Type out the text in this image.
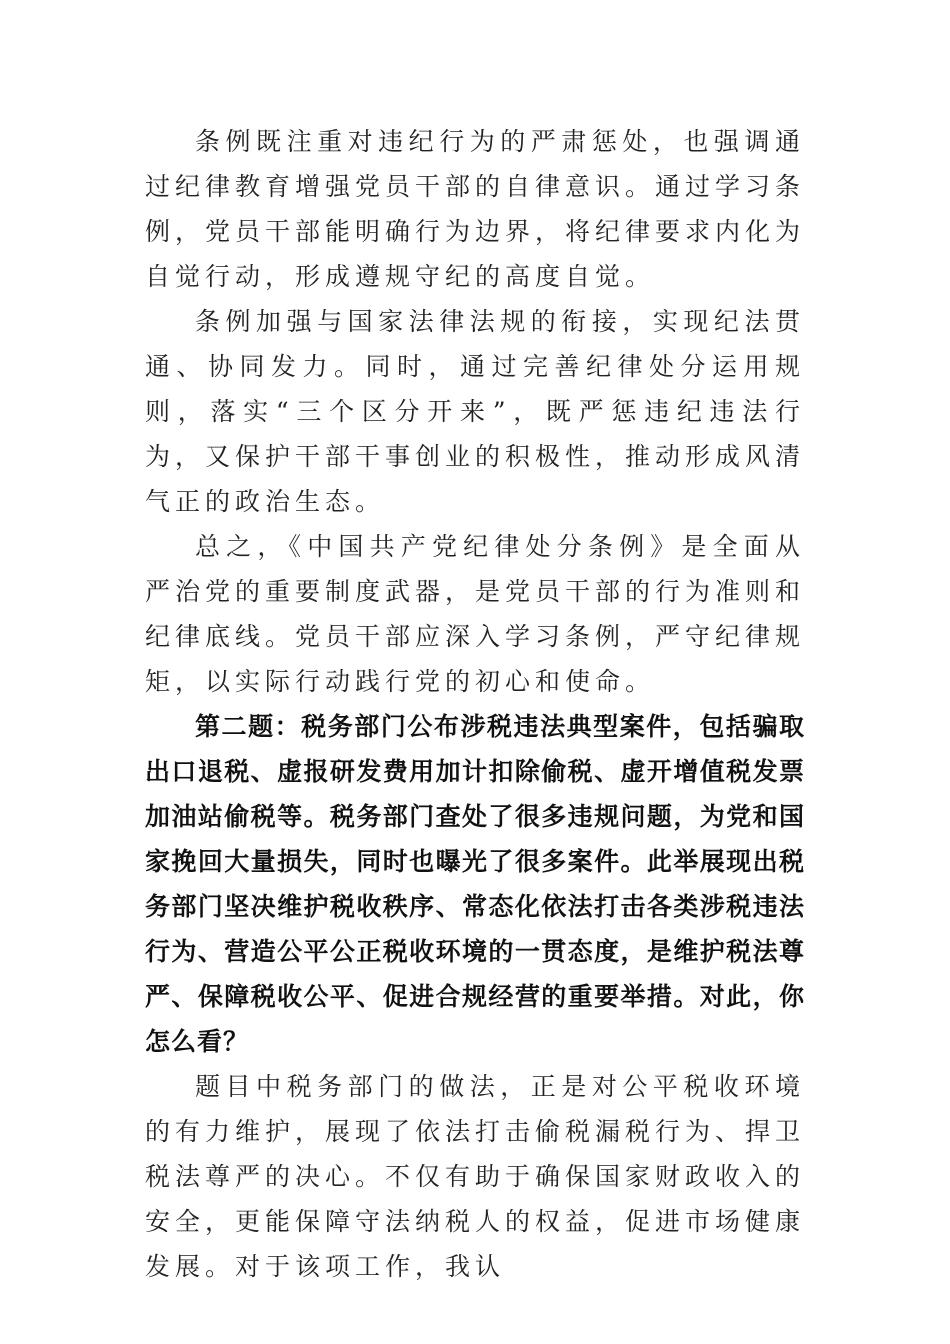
条例既注重对违纪行为的严肃惩处，也强调通过纪律教育增强党员干部的自律意识。通过学习条例，党员干部能明确行为边界，将纪律要求内化为自觉行动，形成遵规守纪的高度自觉。

条例加强与国家法律法规的衔接，实现纪法贯通、协同发力。同时，通过完善纪律处分运用规则，落实“三个区分开来”，既严惩违纪违法行为，又保护干部干事创业的积极性，推动形成风清气正的政治生态。

总之，《中国共产党纪律处分条例》是全面从严治党的重要制度武器，是党员干部的行为准则和纪律底线。党员干部应深入学习条例，严守纪律规矩，以实际行动践行党的初心和使命。

第二题：税务部门公布涉税违法典型案件，包括骗取出口退税、虚报研发费用加计扣除偷税、虚开增值税发票加油站偷税等。税务部门查处了很多违规问题，为党和国家挽回大量损失，同时也曝光了很多案件。此举展现出税务部门坚决维护税收秩序、常态化依法打击各类涉税违法行为、营造公平公正税收环境的一贯态度，是维护税法尊严、保障税收公平、促进合规经营的重要举措。对此，你怎么看？

题目中税务部门的做法，正是对公平税收环境的有力维护，展现了依法打击偷税漏税行为、捍卫税法尊严的决心。不仅有助于确保国家财政收入的安全，更能保障守法纳税人的权益，促进市场健康发展。对于该项工作，我认
